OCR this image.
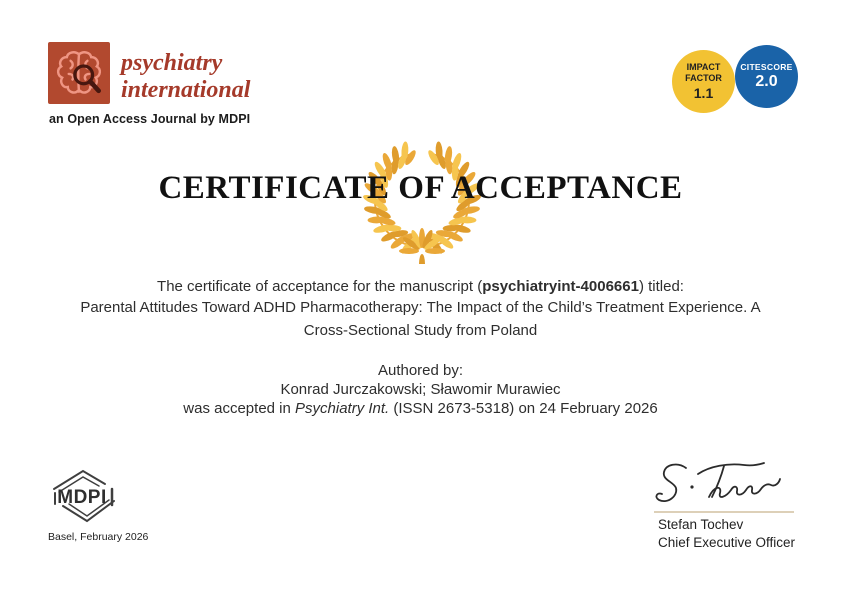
psychiatry
international
an Open Access Journal by MDPI
IMPACT FACTOR
1.1
CITESCORE
2.0
CERTIFICATE OF ACCEPTANCE

The certificate of acceptance for the manuscript (psychiatryint-4006661) titled:

Parental Attitudes Toward ADHD Pharmacotherapy: The Impact of the Child’s Treatment Experience. A Cross-Sectional Study from Poland

Authored by:

Konrad Jurczakowski; Sławomir Murawiec

was accepted in Psychiatry Int. (ISSN 2673-5318) on 24 February 2026

MDPI
Basel, February 2026
Stefan Tochev
Chief Executive Officer
